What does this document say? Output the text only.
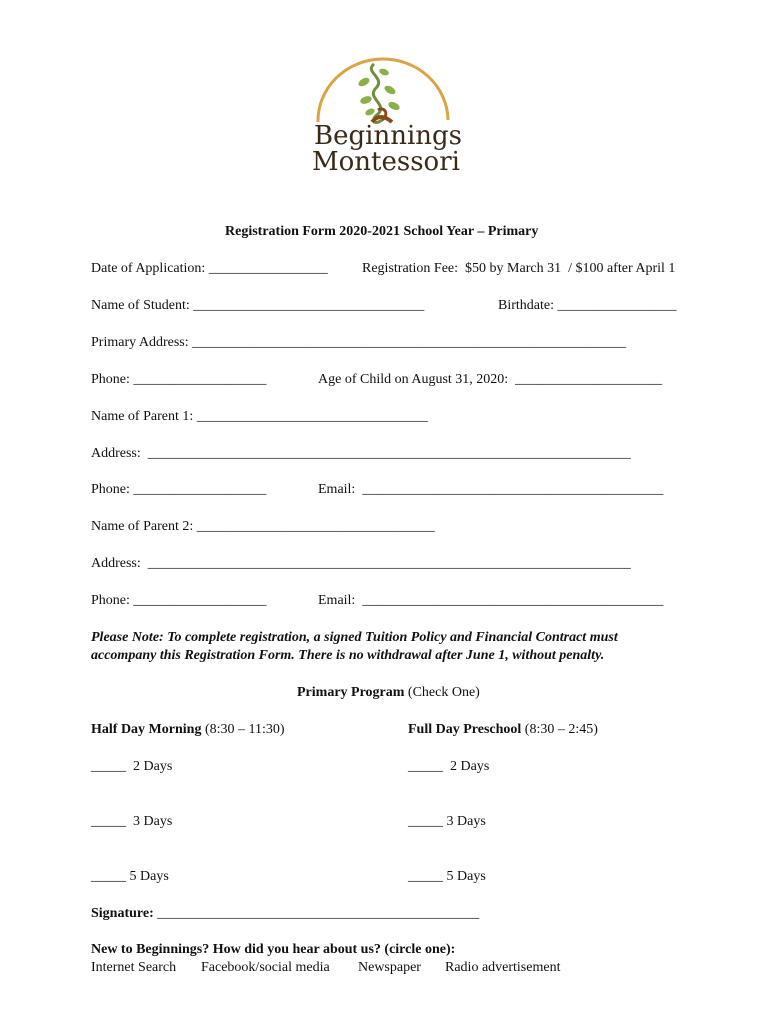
Beginnings
Montessori
Registration Form 2020-2021 School Year – Primary
Date of Application: _________________ Registration Fee:  $50 by March 31  / $100 after April 1
Name of Student: _________________________________	Birthdate: _________________
Primary Address: ______________________________________________________________
Phone: ___________________	Age of Child on August 31, 2020:  _____________________
Name of Parent 1: _________________________________
Address:  _____________________________________________________________________
Phone: ___________________	Email:  ___________________________________________
Name of Parent 2: __________________________________
Address:  _____________________________________________________________________
Phone: ___________________	Email:  ___________________________________________
Please Note: To complete registration, a signed Tuition Policy and Financial Contract must
accompany this Registration Form. There is no withdrawal after June 1, without penalty.
Primary Program (Check One)
Half Day Morning (8:30 – 11:30)	Full Day Preschool (8:30 – 2:45)
_____  2 Days	_____  2 Days
_____  3 Days	_____ 3 Days
_____ 5 Days	_____ 5 Days
Signature: ______________________________________________
New to Beginnings? How did you hear about us? (circle one):
Internet Search Facebook/social media Newspaper Radio advertisement
